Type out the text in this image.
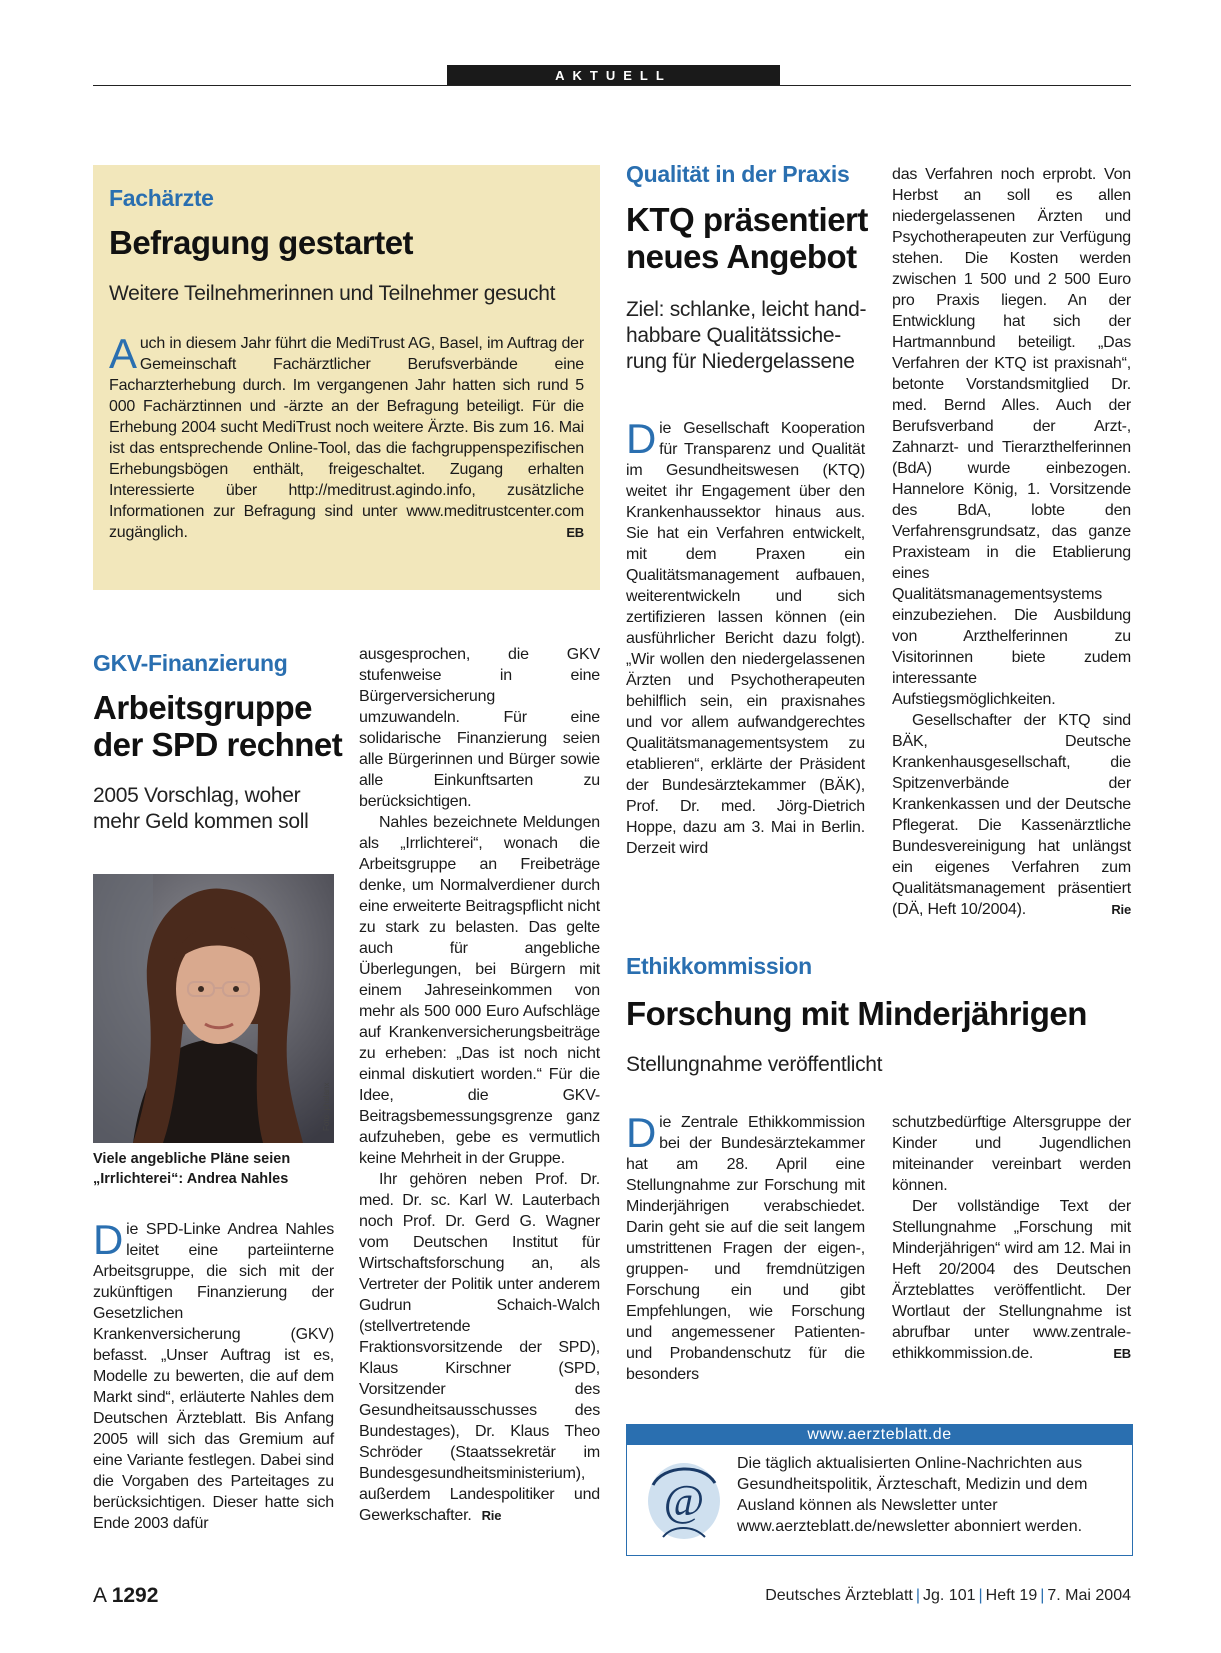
AKTUELL
Fachärzte
Befragung gestartet
Weitere Teilnehmerinnen und Teilnehmer gesucht
Auch in diesem Jahr führt die MediTrust AG, Basel, im Auftrag der Gemeinschaft Fachärztlicher Berufsverbände eine Facharzterhebung durch. Im vergangenen Jahr hatten sich rund 5 000 Fachärztinnen und -ärzte an der Befragung beteiligt. Für die Erhebung 2004 sucht MediTrust noch weitere Ärzte. Bis zum 16. Mai ist das entsprechende Online-Tool, das die fachgruppenspezifischen Erhebungsbögen enthält, freigeschaltet. Zugang erhalten Interessierte über http://meditrust.agindo.info, zusätzliche Informationen zur Befragung sind unter www.meditrustcenter.com zugänglich.	EB
GKV-Finanzierung
Arbeitsgruppe
der SPD rechnet
2005 Vorschlag, woher
mehr Geld kommen soll
Foto: phalanx
Viele angebliche Pläne seien
„Irrlichterei“: Andrea Nahles
Die SPD-Linke Andrea Nahles leitet eine parteiinterne Arbeitsgruppe, die sich mit der zukünftigen Finanzierung der Gesetzlichen Krankenversicherung (GKV) befasst. „Unser Auftrag ist es, Modelle zu bewerten, die auf dem Markt sind“, erläuterte Nahles dem Deutschen Ärzteblatt. Bis Anfang 2005 will sich das Gremium auf eine Variante festlegen. Dabei sind die Vorgaben des Parteitages zu berücksichtigen. Dieser hatte sich Ende 2003 dafür

ausgesprochen, die GKV stufenweise in eine Bürgerversicherung umzuwandeln. Für eine solidarische Finanzierung seien alle Bürgerinnen und Bürger sowie alle Einkunftsarten zu berücksichtigen.

Nahles bezeichnete Meldungen als „Irrlichterei“, wonach die Arbeitsgruppe an Freibeträge denke, um Normalverdiener durch eine erweiterte Beitragspflicht nicht zu stark zu belasten. Das gelte auch für angebliche Überlegungen, bei Bürgern mit einem Jahreseinkommen von mehr als 500 000 Euro Aufschläge auf Krankenversicherungsbeiträge zu erheben: „Das ist noch nicht einmal diskutiert worden.“ Für die Idee, die GKV-Beitragsbemessungsgrenze ganz aufzuheben, gebe es vermutlich keine Mehrheit in der Gruppe.

Ihr gehören neben Prof. Dr. med. Dr. sc. Karl W. Lauterbach noch Prof. Dr. Gerd G. Wagner vom Deutschen Institut für Wirtschaftsforschung an, als Vertreter der Politik unter anderem Gudrun Schaich-Walch (stellvertretende Fraktionsvorsitzende der SPD), Klaus Kirschner (SPD, Vorsitzender des Gesundheitsausschusses des Bundestages), Dr. Klaus Theo Schröder (Staatssekretär im Bundesgesundheitsministerium), außerdem Landespolitiker und Gewerkschafter. Rie

Qualität in der Praxis
KTQ präsentiert
neues Angebot
Ziel: schlanke, leicht hand-
habbare Qualitätssiche-
rung für Niedergelassene
Die Gesellschaft Kooperation für Transparenz und Qualität im Gesundheitswesen (KTQ) weitet ihr Engagement über den Krankenhaussektor hinaus aus. Sie hat ein Verfahren entwickelt, mit dem Praxen ein Qualitätsmanagement aufbauen, weiterentwickeln und sich zertifizieren lassen können (ein ausführlicher Bericht dazu folgt). „Wir wollen den niedergelassenen Ärzten und Psychotherapeuten behilflich sein, ein praxisnahes und vor allem aufwandgerechtes Qualitätsmanagementsystem zu etablieren“, erklärte der Präsident der Bundesärztekammer (BÄK), Prof. Dr. med. Jörg-Dietrich Hoppe, dazu am 3. Mai in Berlin. Derzeit wird

das Verfahren noch erprobt. Von Herbst an soll es allen niedergelassenen Ärzten und Psychotherapeuten zur Verfügung stehen. Die Kosten werden zwischen 1 500 und 2 500 Euro pro Praxis liegen. An der Entwicklung hat sich der Hartmannbund beteiligt. „Das Verfahren der KTQ ist praxisnah“, betonte Vorstandsmitglied Dr. med. Bernd Alles. Auch der Berufsverband der Arzt-, Zahnarzt- und Tierarzthelferinnen (BdA) wurde einbezogen. Hannelore König, 1. Vorsitzende des BdA, lobte den Verfahrensgrundsatz, das ganze Praxisteam in die Etablierung eines Qualitätsmanagementsystems einzubeziehen. Die Ausbildung von Arzthelferinnen zu Visitorinnen biete zudem interessante Aufstiegsmöglichkeiten.

Gesellschafter der KTQ sind BÄK, Deutsche Krankenhausgesellschaft, die Spitzenverbände der Krankenkassen und der Deutsche Pflegerat. Die Kassenärztliche Bundesvereinigung hat unlängst ein eigenes Verfahren zum Qualitätsmanagement präsentiert (DÄ, Heft 10/2004).	Rie

Ethikkommission
Forschung mit Minderjährigen
Stellungnahme veröffentlicht
Die Zentrale Ethikkommission bei der Bundesärztekammer hat am 28. April eine Stellungnahme zur Forschung mit Minderjährigen verabschiedet. Darin geht sie auf die seit langem umstrittenen Fragen der eigen-, gruppen- und fremdnützigen Forschung ein und gibt Empfehlungen, wie Forschung und angemessener Patienten- und Probandenschutz für die besonders

schutzbedürftige Altersgruppe der Kinder und Jugendlichen miteinander vereinbart werden können.

Der vollständige Text der Stellungnahme „Forschung mit Minderjährigen“ wird am 12. Mai in Heft 20/2004 des Deutschen Ärzteblattes veröffentlicht. Der Wortlaut der Stellungnahme ist abrufbar unter www.zentrale-ethikkommission.de.	EB

www.aerzteblatt.de
@
Die täglich aktualisierten Online-Nachrichten aus Gesundheitspolitik, Ärzteschaft, Medizin und dem Ausland können als Newsletter unter www.aerzteblatt.de/newsletter abonniert werden.
A 1292	Deutsches Ärzteblatt | Jg. 101 | Heft 19 | 7. Mai 2004
